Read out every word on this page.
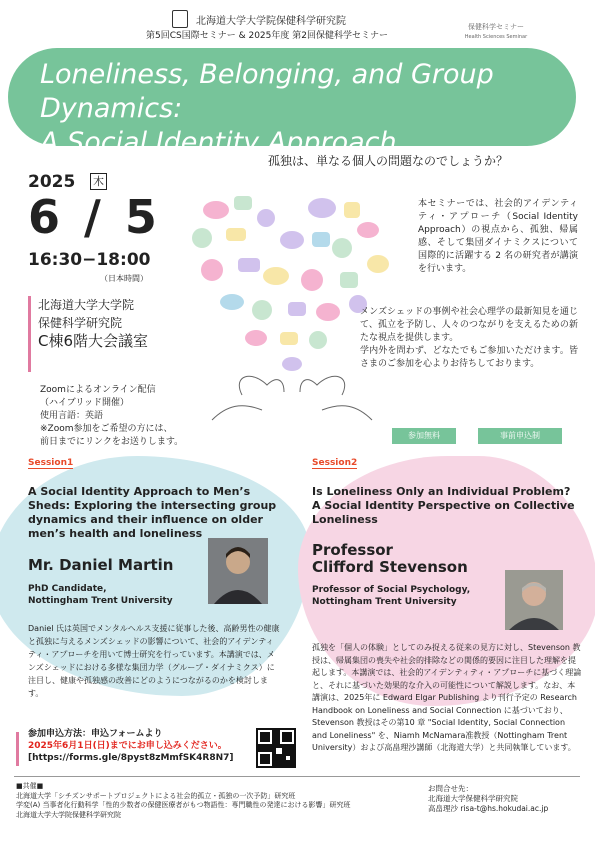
北海道大学大学院保健科学研究院
第5回CS国際セミナー & 2025年度 第2回保健科学セミナー
保健科学セミナー
Health Sciences Seminar
Loneliness, Belonging, and Group Dynamics:
A Social Identity Approach
孤独は、単なる個人の問題なのでしょうか？
2025 木
6 / 5
16:30−18:00
（日本時間）
北海道大学大学院
保健科学研究院
C棟6階大会議室
Zoomによるオンライン配信
（ハイブリッド開催）
使用言語：英語
※Zoom参加をご希望の方には、
前日までにリンクをお送りします。
本セミナーでは、社会的アイデンティティ・アプローチ（Social Identity Approach）の視点から、孤独、帰属感、そして集団ダイナミクスについて国際的に活躍する 2 名の研究者が講演を行います。
メンズシェッドの事例や社会心理学の最新知見を通じて、孤立を予防し、人々のつながりを支えるための新たな視点を提供します。
学内外を問わず、どなたでもご参加いただけます。皆さまのご参加を心よりお待ちしております。
参加無料	事前申込制
Session1
A Social Identity Approach to Men’s Sheds: Exploring the intersecting group dynamics and their influence on older men’s health and loneliness
Mr. Daniel Martin
PhD Candidate,
Nottingham Trent University
Daniel 氏は英国でメンタルヘルス支援に従事した後、高齢男性の健康と孤独に与えるメンズシェッドの影響について、社会的アイデンティティ・アプローチを用いて博士研究を行っています。本講演では、メンズシェッドにおける多様な集団力学（グループ・ダイナミクス）に注目し、健康や孤独感の改善にどのようにつながるのかを検討します。
Session2
Is Loneliness Only an Individual Problem? A Social Identity Perspective on Collective Loneliness
Professor
Clifford Stevenson
Professor of Social Psychology,
Nottingham Trent University
孤独を「個人の体験」としてのみ捉える従来の見方に対し、Stevenson 教授は、帰属集団の喪失や社会的排除などの関係的要因に注目した理解を提起します。本講演では、社会的アイデンティティ・アプローチに基づく理論と、それに基づいた効果的な介入の可能性について解説します。なお、本講演は、2025年に Edward Elgar Publishing より刊行予定の Research Handbook on Loneliness and Social Connection に基づいており、Stevenson 教授はその第10 章 "Social Identity, Social Connection and Loneliness" を、Niamh McNamara准教授（Nottingham Trent University）および高畠理沙講師（北海道大学）と共同執筆しています。
参加申込方法：申込フォームより
2025年6月1日(日)までにお申し込みください。
[https://forms.gle/8pyst8zMmfSK4R8N7]
■共催■
北海道大学「シチズンサポートプロジェクトによる社会的孤立・孤独の一次予防」研究班
学変(A) 当事者化行動科学「性的少数者の保健医療者がもつ物語性：専門職性の発達における影響」研究班
北海道大学大学院保健科学研究院
お問合せ先：
北海道大学保健科学研究院
高畠理沙 risa-t@hs.hokudai.ac.jp
